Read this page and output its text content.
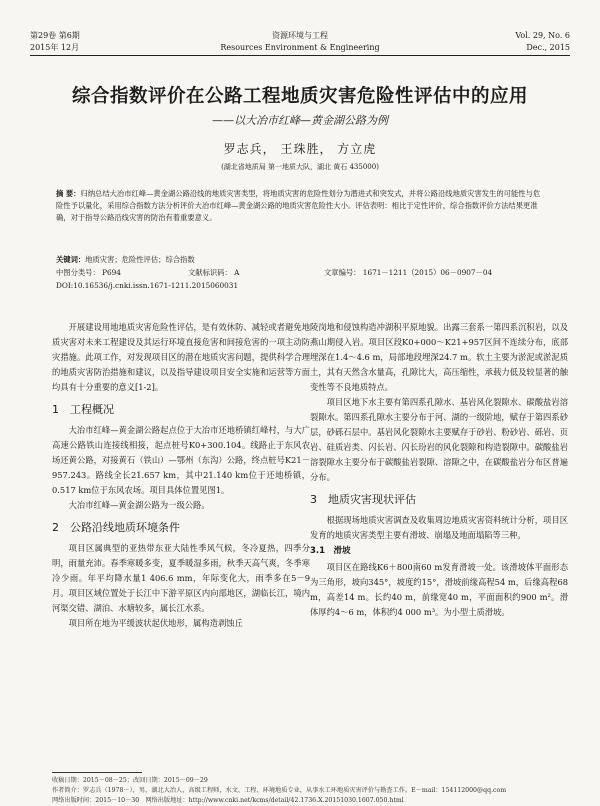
第29卷 第6期
2015年 12月
资源环境与工程
Resources Environment & Engineering
Vol. 29, No. 6
Dec., 2015
综合指数评价在公路工程地质灾害危险性评估中的应用
——以大冶市红峰—黄金湖公路为例
罗志兵， 王珠胜， 方立虎
(湖北省地质局 第一地质大队，湖北 黄石 435000)
摘 要：归纳总结大冶市红峰—黄金湖公路沿线的地质灾害类型，将地质灾害的危险性划分为潜进式和突发式，并将公路沿线地质灾害发生的可能性与危险性予以量化，采用综合指数方法分析评价大冶市红峰—黄金湖公路的地质灾害危险性大小。评估表明：相比于定性评价，综合指数评价方法结果更准确，对于指导公路沿线灾害的防治有着重要意义。
关键词：地质灾害；危险性评估；综合指数
中图分类号： P694	文献标识码： A	文章编号： 1671－1211（2015）06－0907－04
DOI:10.16536/j.cnki.issn.1671-1211.2015060031

开展建设用地地质灾害危险性评估，是有效休防、减轻或者避免地质灾害对未来工程建设及其运行环境直接危害和间接危害的一项主动防灾措施。此项工作，对发现项目区的潜在地质灾害问题，提供科学合理的地质灾害防治措施和建议，以及指导建设项目安全实施和运营等方面均具有十分重要的意义[1-2]。

1　工程概况

大冶市红峰—黄金湖公路起点位于大冶市还地桥镇红峰村，与大广高速公路铁山连接线相接，起点桩号K0+300.104。线路止于东风农场还黄公路，对接黄石（铁山）—鄂州（东沟）公路，终点桩号K21－957.243。路线全长21.657 km，其中21.140 km位于还地桥镇，0.517 km位于东风农场。项目具体位置见图1。

大冶市红峰—黄金湖公路为一级公路。

2　公路沿线地质环境条件

项目区属典型的亚热带东亚大陆性季风气候，冬冷夏热，四季分明，雨量充沛。春季寒暖多变，夏季暖湿多雨，秋季天高气爽，冬季寒冷少雨。年平均降水量1 406.6 mm，年际变化大，雨季多在5－9月。项目区域位置处于长江中下游平原区内向部地区，湖临长江，境内河渠交错、湖泊、水塘较多，属长江水系。

项目所在地为平缓波状起伏地形，属构造剥蚀丘

陵岗地和侵蚀构造冲湖积平原地貌。出露三套系一第四系沉积岩，以及燕山期侵入岩。项目区段K0+000～K21+957区间不连续分布，底部埋深在1.4～4.6 m，局部地段埋深24.7 m。软土主要为淤泥或淤泥质土，其有天然含水量高，孔隙比大，高压缩性，承载力低及较显著的触变性等不良地质特点。

项目区地下水主要有第四系孔隙水、基岩风化裂隙水、碳酸盐岩溶裂隙水。第四系孔隙水主要分布于河、湖的一级阶地，赋存于第四系砂层，砂砾石层中。基岩风化裂隙水主要赋存于砂岩、粉砂岩、砾岩、页岩、硅质岩类、闪长岩、闪长玢岩的风化裂隙和构造裂隙中。碳酸盐岩溶裂隙水主要分布于碳酸盐岩裂隙、溶隙之中，在碳酸盐岩分布区普遍分布。

3　地质灾害现状评估

根据现场地质灾害调查及收集周边地质灾害资料统计分析，项目区发育的地质灾害类型主要有滑坡、崩塌及地面塌陷等三种。

3.1　滑坡

项目区在路线K6＋800南60 m发育滑坡一处。该滑坡体平面形态为三角形，坡向345°，坡度约15°，滑坡前缘高程54 m，后缘高程68 m，高差14 m。长约40 m，前缘宽40 m，平面面积约900 m²。滑体厚约4～6 m，体积约4 000 m³。为小型土质滑坡。

收稿日期：2015－08－25；改回日期：2015－09－29
作者简介：罗志兵（1978－），男，湖北大冶人，高级工程师，水文、工程、环境地质专业，从事水工环地质灾害评价与勘查工作。E－mail：154112000@qq.com
网络出版时间：2015－10－30　网络出版地址：http://www.cnki.net/kcms/detail/42.1736.X.20151030.1607.050.html
